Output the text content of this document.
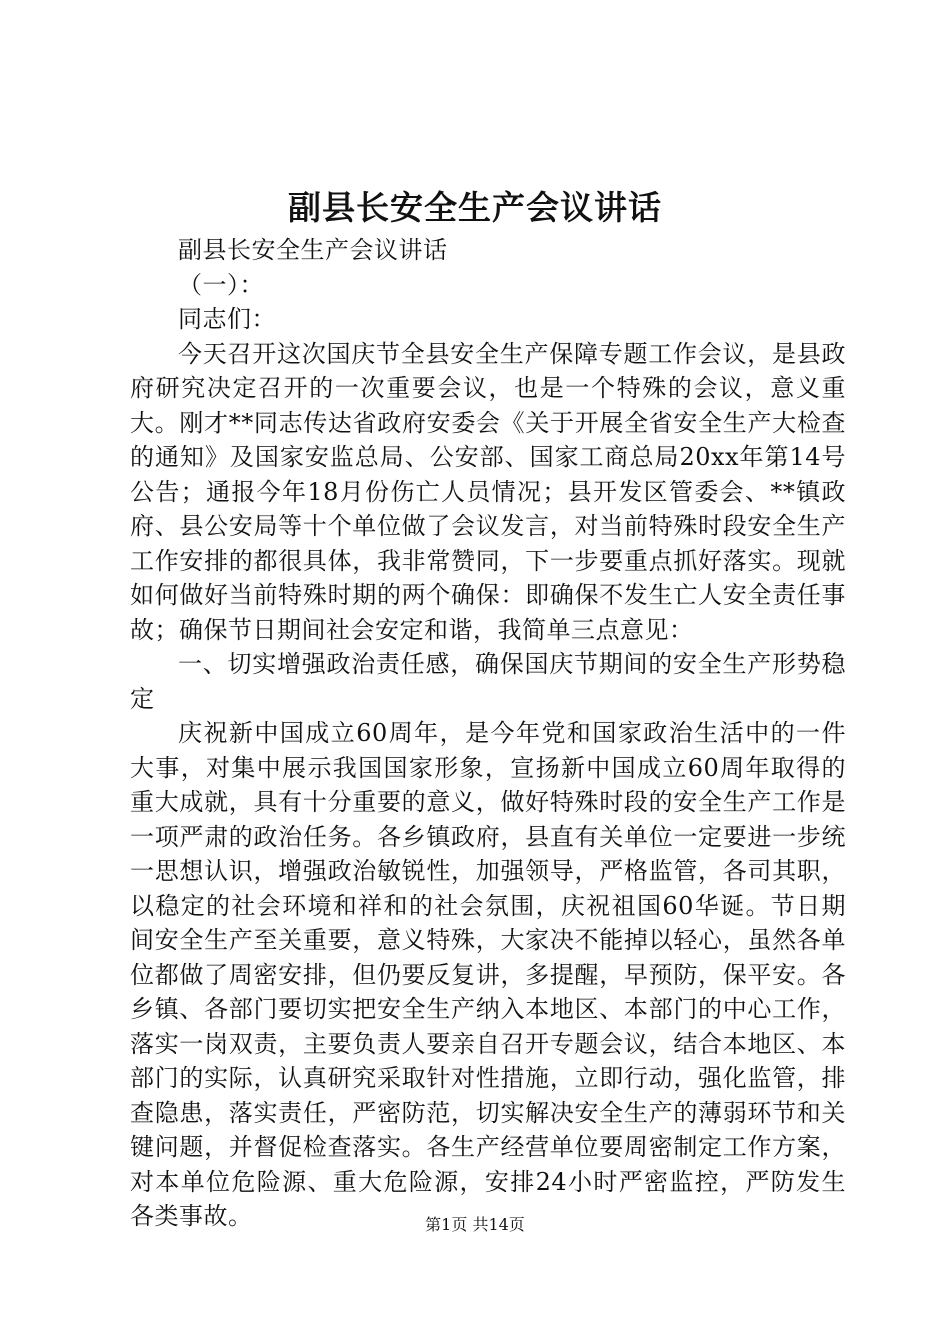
副县长安全生产会议讲话

副县长安全生产会议讲话

（一）：

同志们：

今天召开这次国庆节全县安全生产保障专题工作会议，是县政府研究决定召开的一次重要会议，也是一个特殊的会议，意义重大。刚才**同志传达省政府安委会《关于开展全省安全生产大检查的通知》及国家安监总局、公安部、国家工商总局20xx年第14号公告；通报今年18月份伤亡人员情况；县开发区管委会、**镇政府、县公安局等十个单位做了会议发言，对当前特殊时段安全生产工作安排的都很具体，我非常赞同，下一步要重点抓好落实。现就如何做好当前特殊时期的两个确保：即确保不发生亡人安全责任事故；确保节日期间社会安定和谐，我简单三点意见：

一、切实增强政治责任感，确保国庆节期间的安全生产形势稳定

庆祝新中国成立60周年，是今年党和国家政治生活中的一件大事，对集中展示我国国家形象，宣扬新中国成立60周年取得的重大成就，具有十分重要的意义，做好特殊时段的安全生产工作是一项严肃的政治任务。各乡镇政府，县直有关单位一定要进一步统一思想认识，增强政治敏锐性，加强领导，严格监管，各司其职，以稳定的社会环境和祥和的社会氛围，庆祝祖国60华诞。节日期间安全生产至关重要，意义特殊，大家决不能掉以轻心，虽然各单位都做了周密安排，但仍要反复讲，多提醒，早预防，保平安。各乡镇、各部门要切实把安全生产纳入本地区、本部门的中心工作，落实一岗双责，主要负责人要亲自召开专题会议，结合本地区、本部门的实际，认真研究采取针对性措施，立即行动，强化监管，排查隐患，落实责任，严密防范，切实解决安全生产的薄弱环节和关键问题，并督促检查落实。各生产经营单位要周密制定工作方案，对本单位危险源、重大危险源，安排24小时严密监控，严防发生各类事故。	第1页 共14页
